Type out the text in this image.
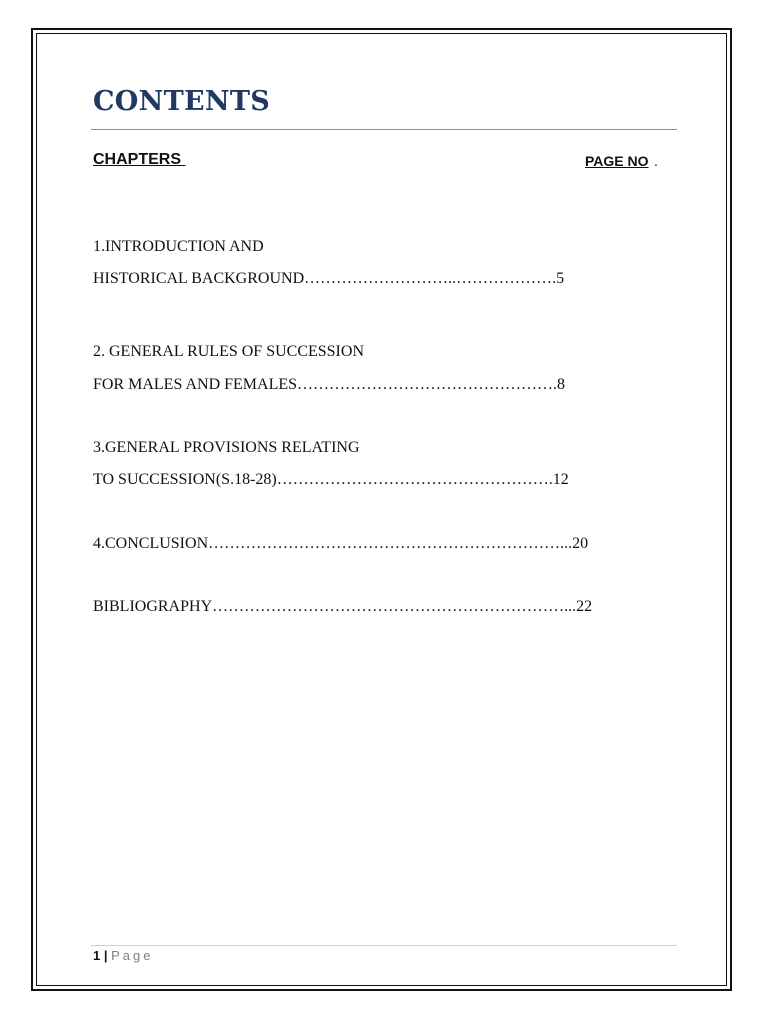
CONTENTS
CHAPTERS	PAGE NO .
1.INTRODUCTION AND
HISTORICAL BACKGROUND………………………..……………….5
2. GENERAL RULES OF SUCCESSION
FOR MALES AND FEMALES………………………………………….8
3.GENERAL PROVISIONS RELATING
TO SUCCESSION(S.18-28)…………………………………………….12
4.CONCLUSION…………………………………………………………...20
BIBLIOGRAPHY…………………………………………………………...22
1 | Page
